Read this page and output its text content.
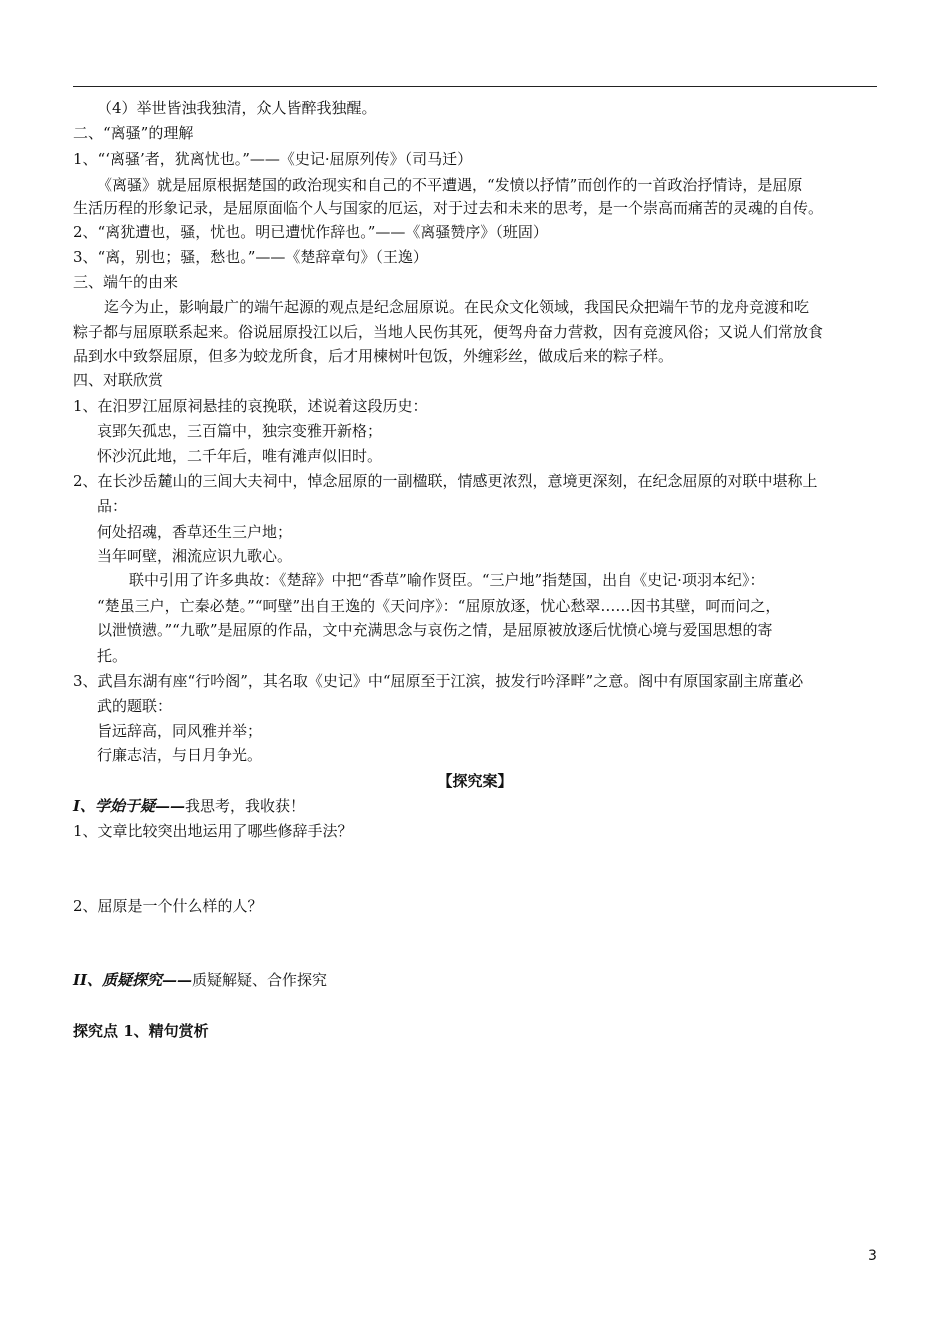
（4）举世皆浊我独清，众人皆醉我独醒。
二、“离骚”的理解
1、“‘离骚’者，犹离忧也。”——《史记·屈原列传》（司马迁）
《离骚》就是屈原根据楚国的政治现实和自己的不平遭遇，“发愤以抒情”而创作的一首政治抒情诗，是屈原
生活历程的形象记录，是屈原面临个人与国家的厄运，对于过去和未来的思考，是一个崇高而痛苦的灵魂的自传。
2、“离犹遭也，骚，忧也。明已遭忧作辞也。”——《离骚赞序》（班固）
3、“离，别也；骚，愁也。”——《楚辞章句》（王逸）
三、端午的由来
迄今为止，影响最广的端午起源的观点是纪念屈原说。在民众文化领域，我国民众把端午节的龙舟竞渡和吃
粽子都与屈原联系起来。俗说屈原投江以后，当地人民伤其死，便驾舟奋力营救，因有竞渡风俗；又说人们常放食
品到水中致祭屈原，但多为蛟龙所食，后才用楝树叶包饭，外缠彩丝，做成后来的粽子样。
四、对联欣赏
1、在汨罗江屈原祠悬挂的哀挽联，述说着这段历史：
哀郢矢孤忠，三百篇中，独宗变雅开新格；
怀沙沉此地，二千年后，唯有滩声似旧时。
2、在长沙岳麓山的三闾大夫祠中，悼念屈原的一副楹联，情感更浓烈，意境更深刻，在纪念屈原的对联中堪称上
品：
何处招魂，香草还生三户地；
当年呵壁，湘流应识九歌心。
联中引用了许多典故：《楚辞》中把“香草”喻作贤臣。“三户地”指楚国，出自《史记·项羽本纪》：
“楚虽三户，亡秦必楚。”“呵壁”出自王逸的《天问序》：“屈原放逐，忧心愁翠……因书其壁，呵而问之，
以泄愤懑。”“九歌”是屈原的作品，文中充满思念与哀伤之情，是屈原被放逐后忧愤心境与爱国思想的寄
托。
3、武昌东湖有座“行吟阁”，其名取《史记》中“屈原至于江滨，披发行吟泽畔”之意。阁中有原国家副主席董必
武的题联：
旨远辞高，同风雅并举；
行廉志洁，与日月争光。
【探究案】
I、学始于疑——我思考，我收获！
1、文章比较突出地运用了哪些修辞手法？
2、屈原是一个什么样的人？
II、质疑探究——质疑解疑、合作探究
探究点 1、精句赏析
3
